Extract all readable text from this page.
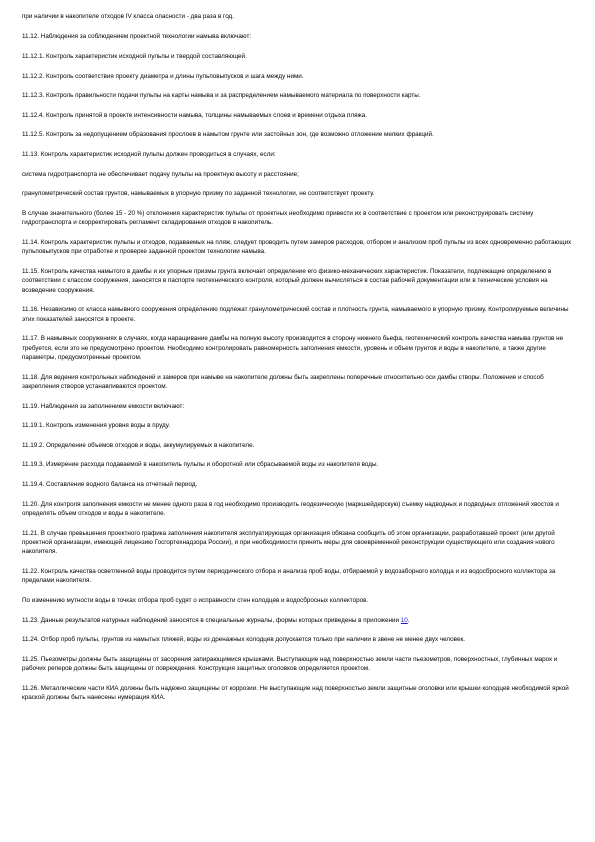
при наличии в накопителе отходов IV класса опасности - два раза в год.

11.12. Наблюдения за соблюдением проектной технологии намыва включают:

11.12.1. Контроль характеристик исходной пульпы и твердой составляющей.

11.12.2. Контроль соответствия проекту диаметра и длины пульповыпусков и шага между ними.

11.12.3. Контроль правильности подачи пульпы на карты намыва и за распределением намываемого материала по поверхности карты.

11.12.4. Контроль принятой в проекте интенсивности намыва, толщины намываемых слоев и времени отдыха пляжа.

11.12.5. Контроль за недопущением образования прослоев в намытом грунте или застойных зон, где возможно отложение мелких фракций.

11.13. Контроль характеристик исходной пульпы должен проводиться в случаях, если:

система гидротранспорта не обеспечивает подачу пульпы на проектную высоту и расстояние;

гранулометрический состав грунтов, намываемых в упорную призму по заданной технологии, не соответствует проекту.

В случае значительного (более 15 - 20 %) отклонения характеристик пульпы от проектных необходимо привести их в соответствие с проектом или реконструировать систему гидротранспорта и скорректировать регламент складирования отходов в накопитель.

11.14. Контроль характеристик пульпы и отходов, подаваемых на пляж, следует проводить путем замеров расходов, отбором и анализом проб пульпы из всех одновременно работающих пульповыпусков при отработке и проверке заданной проектом технологии намыва.

11.15. Контроль качества намытого в дамбы и их упорные призмы грунта включает определение его физико-механических характеристик. Показатели, подлежащие определению в соответствии с классом сооружения, заносятся в паспорте геотехнического контроля, который должен вычисляться в состав рабочей документации или в технические условия на возведение сооружения.

11.16. Независимо от класса намывного сооружения определению подлежат гранулометрический состав и плотность грунта, намываемого в упорную призму. Контролируемые величины этих показателей заносятся в проекте.

11.17. В намывных сооружениях в случаях, когда наращивание дамбы на полную высоту производится в сторону нижнего бьефа, геотехнический контроль качества намыва грунтов не требуется, если это не предусмотрено проектом. Необходимо контролировать равномерность заполнения емкости, уровень и объем грунтов и воды в накопителе, а также другие параметры, предусмотренные проектом.

11.18. Для ведения контрольных наблюдений и замеров при намыве на накопителе должны быть закреплены поперечные относительно оси дамбы створы. Положение и способ закрепления створов устанавливаются проектом.

11.19. Наблюдения за заполнением емкости включают:

11.19.1. Контроль изменения уровня воды в пруду.

11.19.2. Определение объемов отходов и воды, аккумулируемых в накопителе.

11.19.3. Измерение расхода подаваемой в накопитель пульпы и оборотной или сбрасываемой воды из накопителя воды.

11.19.4. Составление водного баланса на отчетный период.

11.20. Для контроля заполнения емкости не менее одного раза в год необходимо производить геодезическую (маркшейдерскую) съемку надводных и подводных отложений хвостов и определять объем отходов и воды в накопителе.

11.21. В случае превышения проектного графика заполнения накопителя эксплуатирующая организация обязана сообщить об этом организации, разработавшей проект (или другой проектной организации, имеющей лицензию Госгортехнадзора России), и при необходимости принять меры для своевременной реконструкции существующего или создания нового накопителя.

11.22. Контроль качества осветленной воды проводится путем периодического отбора и анализа проб воды, отбираемой у водозаборного колодца и из водосбросного коллектора за пределами накопителя.

По изменению мутности воды в точках отбора проб судят о исправности стен колодцев и водосбросных коллекторов.

11.23. Данные результатов натурных наблюдений заносятся в специальные журналы, формы которых приведены в приложении 10.

11.24. Отбор проб пульпы, грунтов из намытых пляжей, воды из дренажных колодцев допускается только при наличии в звене не менее двух человек.

11.25. Пьезометры должны быть защищены от засорения запирающимися крышками. Выступающие над поверхностью земли части пьезометров, поверхностных, глубинных марок и рабочих реперов должны быть защищены от повреждения. Конструкция защитных оголовков определяется проектом.

11.26. Металлические части КИА должны быть надежно защищены от коррозии. Не выступающие над поверхностью земли защитные оголовки или крышки колодцев необходимой яркой краской должны быть нанесены нумерация КИА.
